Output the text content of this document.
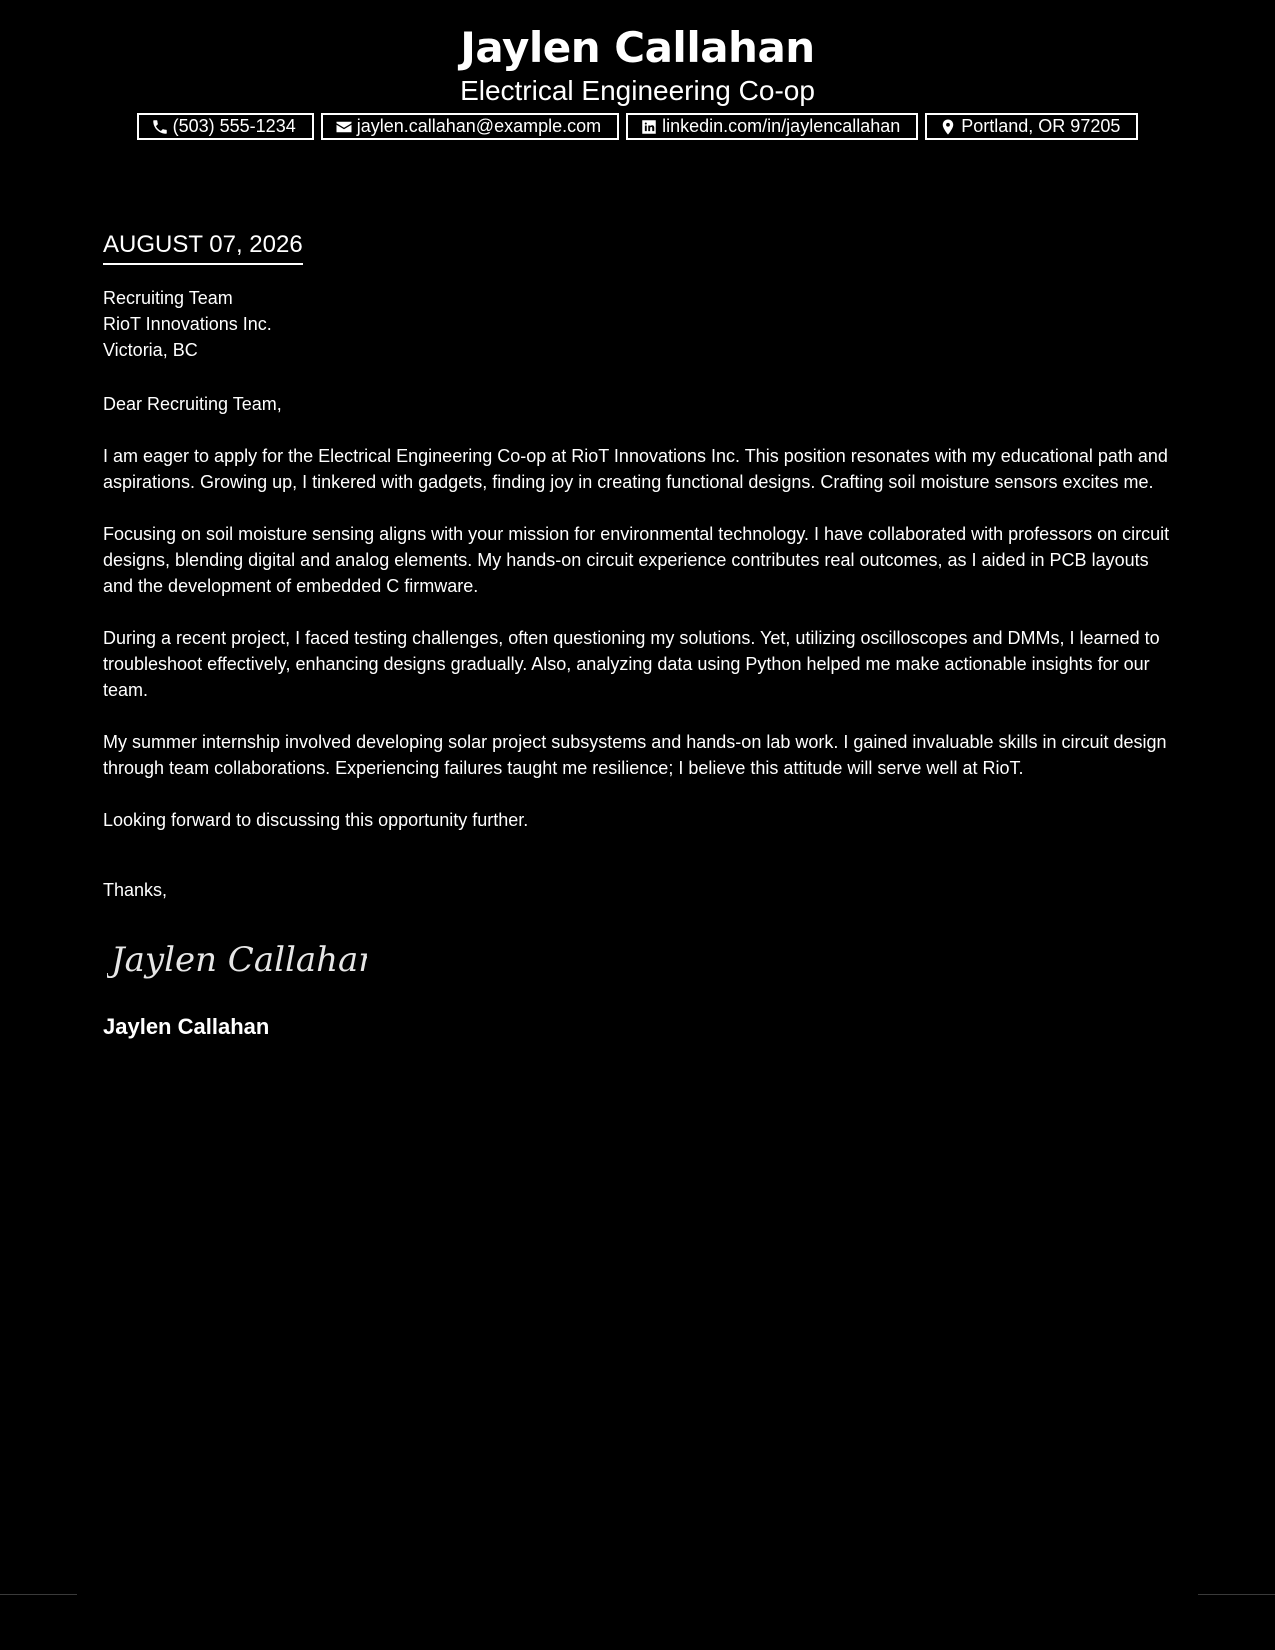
Jaylen Callahan
Electrical Engineering Co-op
(503) 555-1234	jaylen.callahan@example.com	linkedin.com/in/jaylencallahan	Portland, OR 97205
AUGUST 07, 2026
Recruiting Team
RioT Innovations Inc.
Victoria, BC
Dear Recruiting Team,
I am eager to apply for the Electrical Engineering Co-op at RioT Innovations Inc. This position resonates with my educational path and aspirations. Growing up, I tinkered with gadgets, finding joy in creating functional designs. Crafting soil moisture sensors excites me.
Focusing on soil moisture sensing aligns with your mission for environmental technology. I have collaborated with professors on circuit designs, blending digital and analog elements. My hands-on circuit experience contributes real outcomes, as I aided in PCB layouts and the development of embedded C firmware.
During a recent project, I faced testing challenges, often questioning my solutions. Yet, utilizing oscilloscopes and DMMs, I learned to troubleshoot effectively, enhancing designs gradually. Also, analyzing data using Python helped me make actionable insights for our team.
My summer internship involved developing solar project subsystems and hands-on lab work. I gained invaluable skills in circuit design through team collaborations. Experiencing failures taught me resilience; I believe this attitude will serve well at RioT.
Looking forward to discussing this opportunity further.
Thanks,
Jaylen Callahan
Jaylen Callahan
